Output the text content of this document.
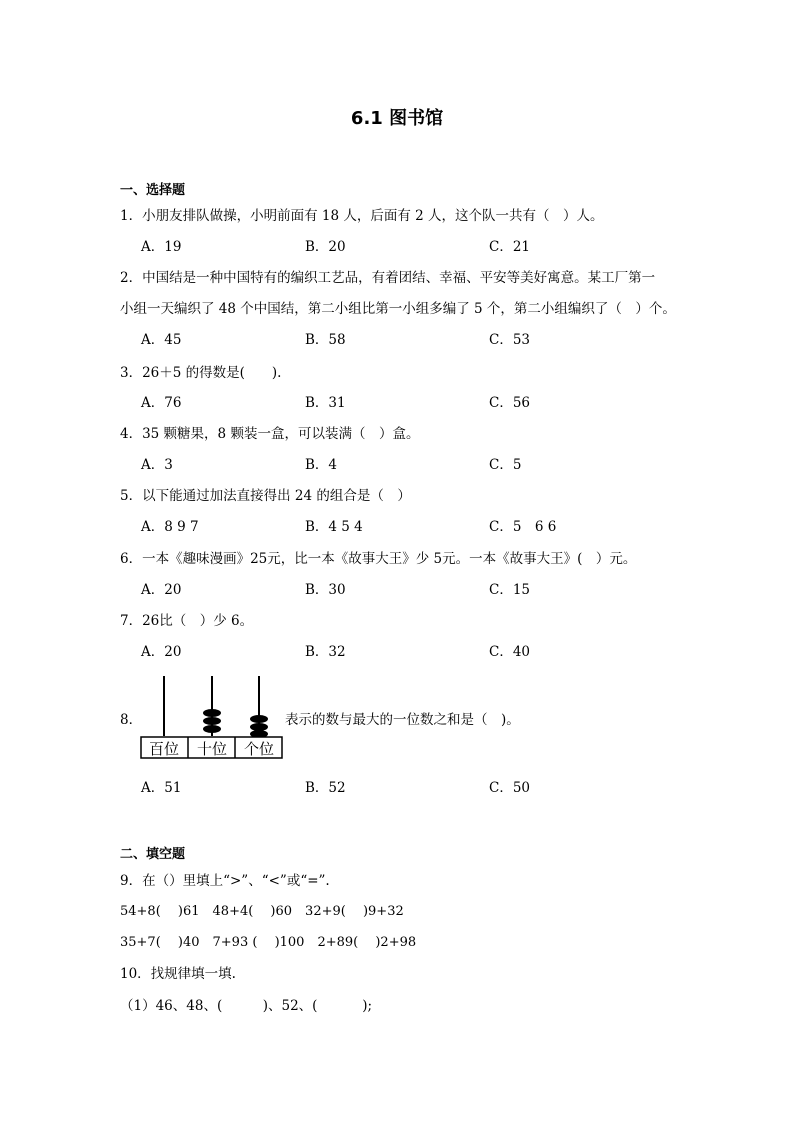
6.1 图书馆
一、选择题
1．小朋友排队做操，小明前面有 18 人，后面有 2 人，这个队一共有（　）人。
A．19	B．20	C．21
2．中国结是一种中国特有的编织工艺品，有着团结、幸福、平安等美好寓意。某工厂第一
小组一天编织了 48 个中国结，第二小组比第一小组多编了 5 个，第二小组编织了（　）个。
A．45	B．58	C．53
3．26＋5 的得数是(　　).
A．76	B．31	C．56
4．35 颗糖果，8 颗装一盒，可以装满（　）盒。
A．3	B．4	C．5
5．以下能通过加法直接得出 24 的组合是（　）
A．8 9 7	B．4 5 4	C．5　6 6
6．一本《趣味漫画》25元，比一本《故事大王》少 5元。一本《故事大王》(　）元。
A．20	B．30	C．15
7．26比（　）少 6。
A．20	B．32	C．40
8．
百位 十位 个位
表示的数与最大的一位数之和是（　)。
A．51	B．52	C．50
二、填空题
9．在（）里填上“>”、“<”或“=”.
54+8(　 )61　48+4(　 )60　32+9(　 )9+32
35+7(　 )40　7+93 (　 )100　2+89(　 )2+98
10．找规律填一填.
（1）46、48、(　　　)、52、(　　　 );
